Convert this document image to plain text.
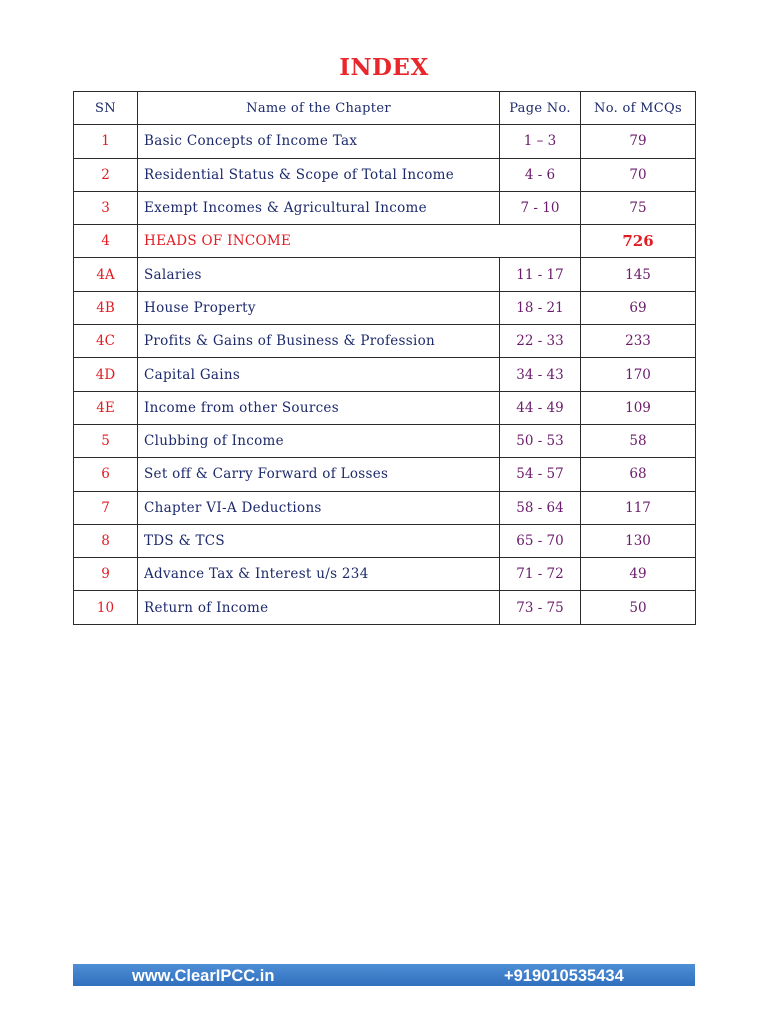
INDEX
SN	Name of the Chapter	Page No.	No. of MCQs
1	Basic Concepts of Income Tax	1 – 3	79
2	Residential Status & Scope of Total Income	4 - 6	70
3	Exempt Incomes & Agricultural Income	7 - 10	75
4	HEADS OF INCOME		726
4A	Salaries	11 - 17	145
4B	House Property	18 - 21	69
4C	Profits & Gains of Business & Profession	22 - 33	233
4D	Capital Gains	34 - 43	170
4E	Income from other Sources	44 - 49	109
5	Clubbing of Income	50 - 53	58
6	Set off & Carry Forward of Losses	54 - 57	68
7	Chapter VI-A Deductions	58 - 64	117
8	TDS & TCS	65 - 70	130
9	Advance Tax & Interest u/s 234	71 - 72	49
10	Return of Income	73 - 75	50
www.ClearIPCC.in	+919010535434
